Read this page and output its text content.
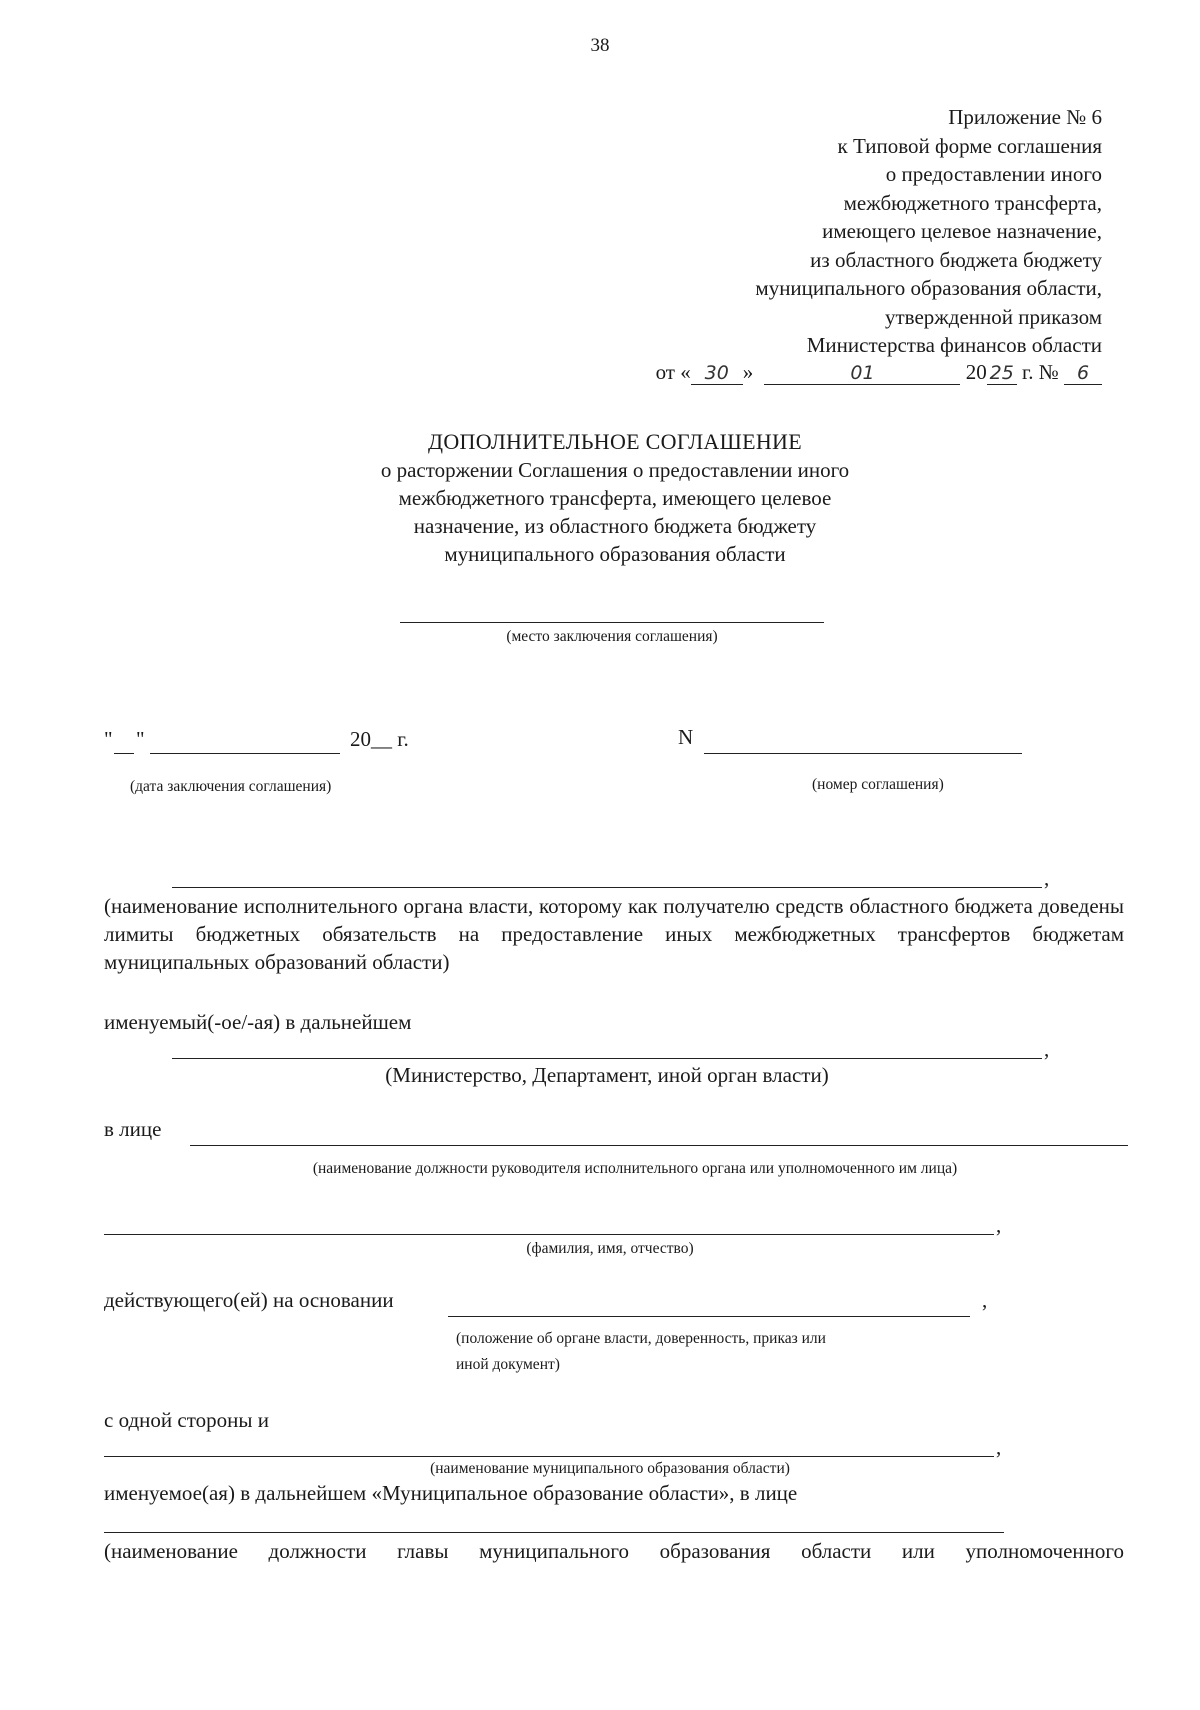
38
Приложение № 6
к Типовой форме соглашения
о предоставлении иного
межбюджетного трансферта,
имеющего целевое назначение,
из областного бюджета бюджету
муниципального образования области,
утвержденной приказом
Министерства финансов области
от « 30 »	01	20 25 г. № 6
ДОПОЛНИТЕЛЬНОЕ СОГЛАШЕНИЕ
о расторжении Соглашения о предоставлении иного
межбюджетного трансферта, имеющего целевое
назначение, из областного бюджета бюджету
муниципального образования области
(место заключения соглашения)
" "	20__ г.
(дата заключения соглашения)
N
(номер соглашения)
,
(наименование исполнительного органа власти, которому как получателю средств областного бюджета доведены лимиты бюджетных обязательств на предоставление иных межбюджетных трансфертов бюджетам муниципальных образований области)
именуемый(-ое/-ая) в дальнейшем
,
(Министерство, Департамент, иной орган власти)
в лице
(наименование должности руководителя исполнительного органа или уполномоченного им лица)
,
(фамилия, имя, отчество)
действующего(ей) на основании	,
(положение об органе власти, доверенность, приказ или
иной документ)
с одной стороны и
,
(наименование муниципального образования области)
именуемое(ая) в дальнейшем «Муниципальное образование области», в лице
(наименование должности главы муниципального образования области или уполномоченного
